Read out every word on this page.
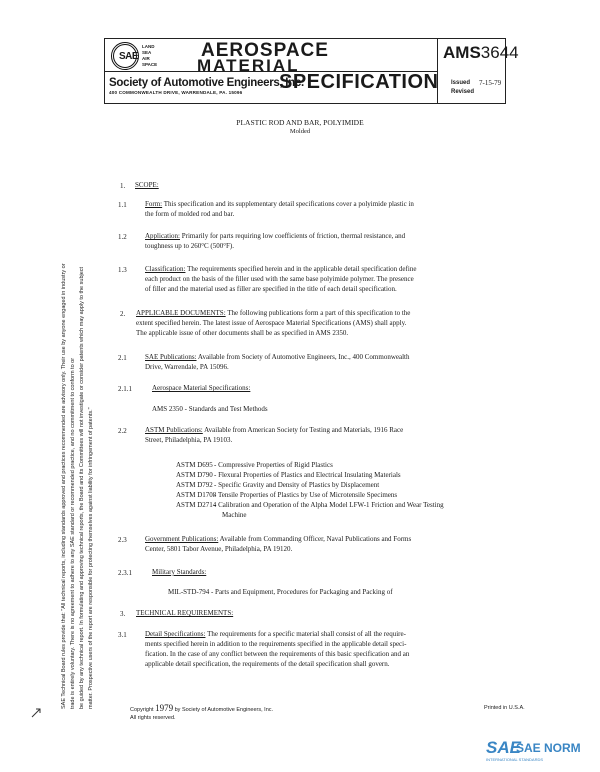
SAE
LAND
SEA
AIR
SPACE
AEROSPACE
MATERIAL
SPECIFICATION
Society of Automotive Engineers, Inc.
400 COMMONWEALTH DRIVE, WARRENDALE, PA. 15096
AMS3644
Issued 7-15-79
Revised
SAE Technical Board rules provide that: "All technical reports, including standards approved and practices recommended are advisory only. Their use by anyone engaged in industry or trade is entirely voluntary. There is no agreement to adhere to any SAE standard or recommended practice, and no commitment to conform to or be guided by any technical report. In formulating and approving technical reports, the Board and its Committees will not investigate or consider patents which may apply to the subject matter. Prospective users of the report are responsible for protecting themselves against liability for infringement of patents."
PLASTIC ROD AND BAR, POLYIMIDE
Molded
1. SCOPE:
1.1	Form: This specification and its supplementary detail specifications cover a polyimide plastic in
the form of molded rod and bar.
1.2	Application: Primarily for parts requiring low coefficients of friction, thermal resistance, and
toughness up to 260°C (500°F).
1.3	Classification: The requirements specified herein and in the applicable detail specification define
each product on the basis of the filler used with the same base polyimide polymer. The presence
of filler and the material used as filler are specified in the title of each detail specification.
2. APPLICABLE DOCUMENTS: The following publications form a part of this specification to the
extent specified herein. The latest issue of Aerospace Material Specifications (AMS) shall apply.
The applicable issue of other documents shall be as specified in AMS 2350.
2.1	SAE Publications: Available from Society of Automotive Engineers, Inc., 400 Commonwealth
Drive, Warrendale, PA 15096.
2.1.1	Aerospace Material Specifications:
AMS 2350 - Standards and Test Methods
2.2	ASTM Publications: Available from American Society for Testing and Materials, 1916 Race
Street, Philadelphia, PA 19103.
ASTM D695- Compressive Properties of Rigid Plastics
ASTM D790- Flexural Properties of Plastics and Electrical Insulating Materials
ASTM D792- Specific Gravity and Density of Plastics by Displacement
ASTM D1708- Tensile Properties of Plastics by Use of Microtensile Specimens
ASTM D2714- Calibration and Operation of the Alpha Model LFW-1 Friction and Wear Testing
Machine
2.3	Government Publications: Available from Commanding Officer, Naval Publications and Forms
Center, 5801 Tabor Avenue, Philadelphia, PA 19120.
2.3.1	Military Standards:
MIL-STD-794 - Parts and Equipment, Procedures for Packaging and Packing of
3. TECHNICAL REQUIREMENTS:
3.1	Detail Specifications: The requirements for a specific material shall consist of all the require-
ments specified herein in addition to the requirements specified in the applicable detail speci-
fication. In the case of any conflict between the requirements of this basic specification and an
applicable detail specification, the requirements of the detail specification shall govern.
Copyright 1979 by Society of Automotive Engineers, Inc.
All rights reserved.
Printed in U.S.A.
SAE
SAE NORM
INTERNATIONAL STANDARDS
